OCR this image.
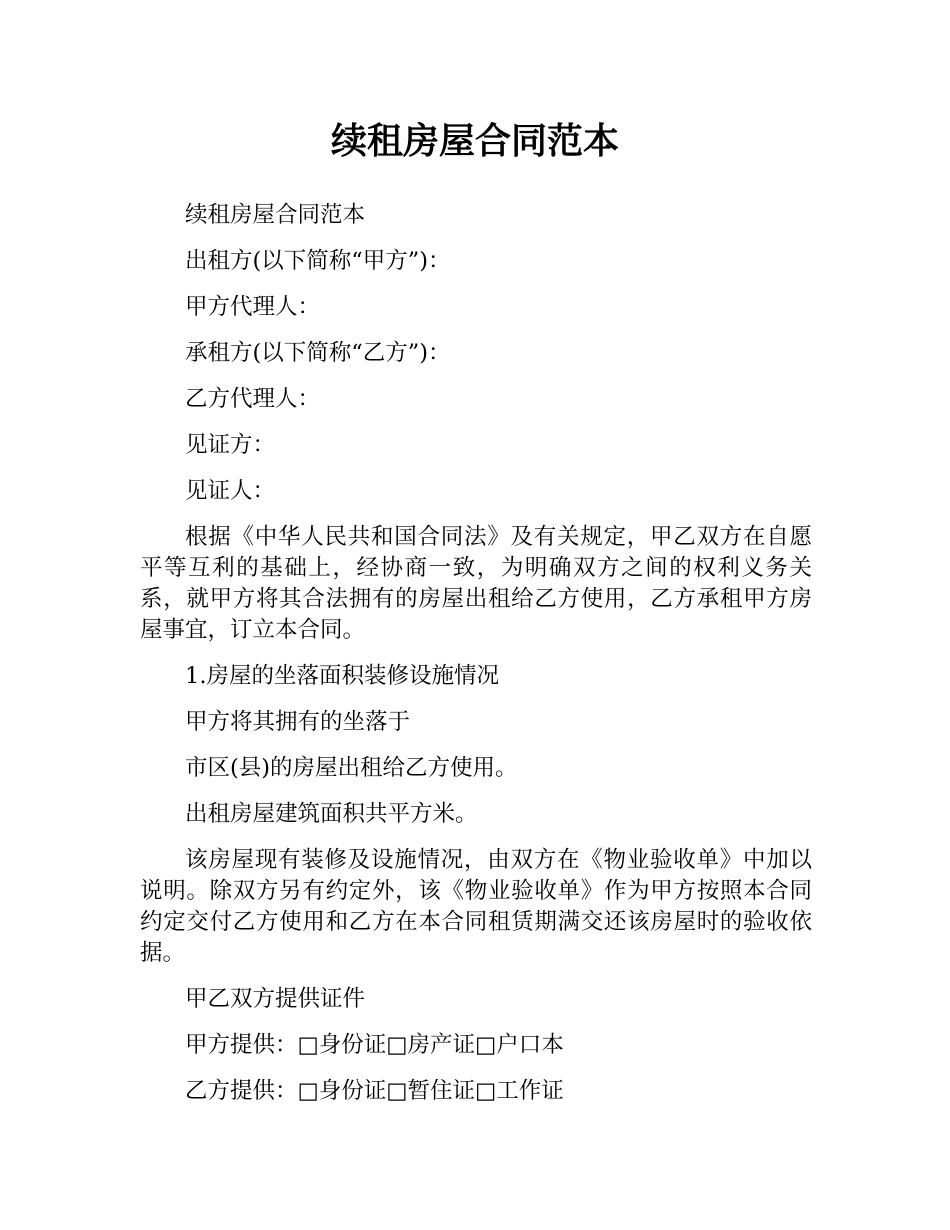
续租房屋合同范本

续租房屋合同范本

出租方(以下简称“甲方”)：

甲方代理人：

承租方(以下简称“乙方”)：

乙方代理人：

见证方：

见证人：

根据《中华人民共和国合同法》及有关规定，甲乙双方在自愿平等互利的基础上，经协商一致，为明确双方之间的权利义务关系，就甲方将其合法拥有的房屋出租给乙方使用，乙方承租甲方房屋事宜，订立本合同。

1.房屋的坐落面积装修设施情况

甲方将其拥有的坐落于

市区(县)的房屋出租给乙方使用。

出租房屋建筑面积共平方米。

该房屋现有装修及设施情况，由双方在《物业验收单》中加以说明。除双方另有约定外，该《物业验收单》作为甲方按照本合同约定交付乙方使用和乙方在本合同租赁期满交还该房屋时的验收依据。

甲乙双方提供证件

甲方提供：□身份证□房产证□户口本

乙方提供：□身份证□暂住证□工作证
